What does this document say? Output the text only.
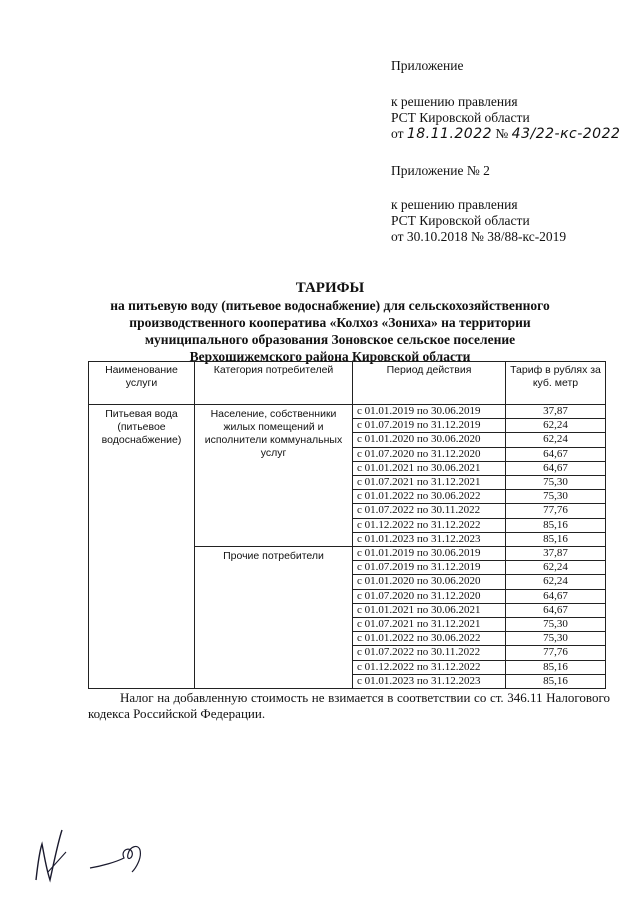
Приложение
к решению правления
РСТ Кировской области
от 18.11.2022 № 43/22-кс-2022
Приложение № 2
к решению правления
РСТ Кировской области
от 30.10.2018 № 38/88-кс-2019
ТАРИФЫ
на питьевую воду (питьевое водоснабжение) для сельскохозяйственного
производственного кооператива «Колхоз «Зониха» на территории
муниципального образования Зоновское сельское поселение
Верхошижемского района Кировской области
Наименование услуги	Категория потребителей	Период действия	Тариф в рублях за куб. метр
Питьевая вода (питьевое водоснабжение)	Население, собственники жилых помещений и исполнители коммунальных услуг	с 01.01.2019 по 30.06.2019	37,87
		с 01.07.2019 по 31.12.2019	62,24
		с 01.01.2020 по 30.06.2020	62,24
		с 01.07.2020 по 31.12.2020	64,67
		с 01.01.2021 по 30.06.2021	64,67
		с 01.07.2021 по 31.12.2021	75,30
		с 01.01.2022 по 30.06.2022	75,30
		с 01.07.2022 по 30.11.2022	77,76
		с 01.12.2022 по 31.12.2022	85,16
		с 01.01.2023 по 31.12.2023	85,16
	Прочие потребители	с 01.01.2019 по 30.06.2019	37,87
		с 01.07.2019 по 31.12.2019	62,24
		с 01.01.2020 по 30.06.2020	62,24
		с 01.07.2020 по 31.12.2020	64,67
		с 01.01.2021 по 30.06.2021	64,67
		с 01.07.2021 по 31.12.2021	75,30
		с 01.01.2022 по 30.06.2022	75,30
		с 01.07.2022 по 30.11.2022	77,76
		с 01.12.2022 по 31.12.2022	85,16
		с 01.01.2023 по 31.12.2023	85,16
Налог на добавленную стоимость не взимается в соответствии со ст. 346.11 Налогового кодекса Российской Федерации.
